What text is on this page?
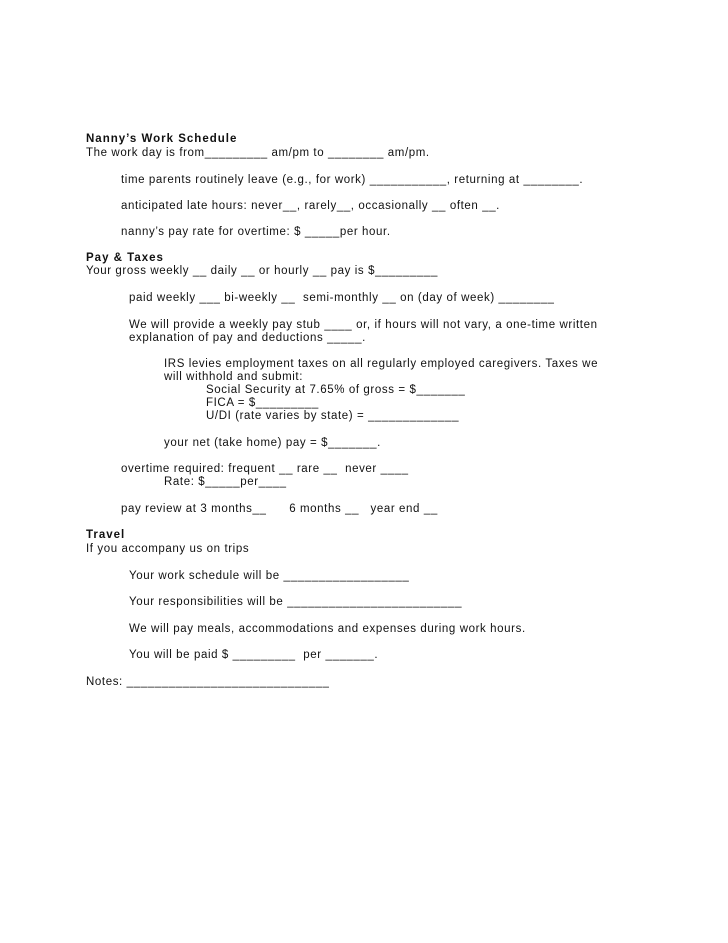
Nanny’s Work Schedule
The work day is from_________ am/pm to ________ am/pm.
time parents routinely leave (e.g., for work) ___________, returning at ________.
anticipated late hours: never__, rarely__, occasionally __ often __.
nanny’s pay rate for overtime: $ _____per hour.
Pay & Taxes
Your gross weekly __ daily __ or hourly __ pay is $_________
paid weekly ___ bi-weekly __  semi-monthly __ on (day of week) ________
We will provide a weekly pay stub ____ or, if hours will not vary, a one-time written
explanation of pay and deductions _____.
IRS levies employment taxes on all regularly employed caregivers. Taxes we
will withhold and submit:
Social Security at 7.65% of gross = $_______
FICA = $_________
U/DI (rate varies by state) = _____________
your net (take home) pay = $_______.
overtime required: frequent __ rare __  never ____
Rate: $_____per____
pay review at 3 months__      6 months __   year end __
Travel
If you accompany us on trips
Your work schedule will be __________________
Your responsibilities will be _________________________
We will pay meals, accommodations and expenses during work hours.
You will be paid $ _________  per _______.
Notes: _____________________________
